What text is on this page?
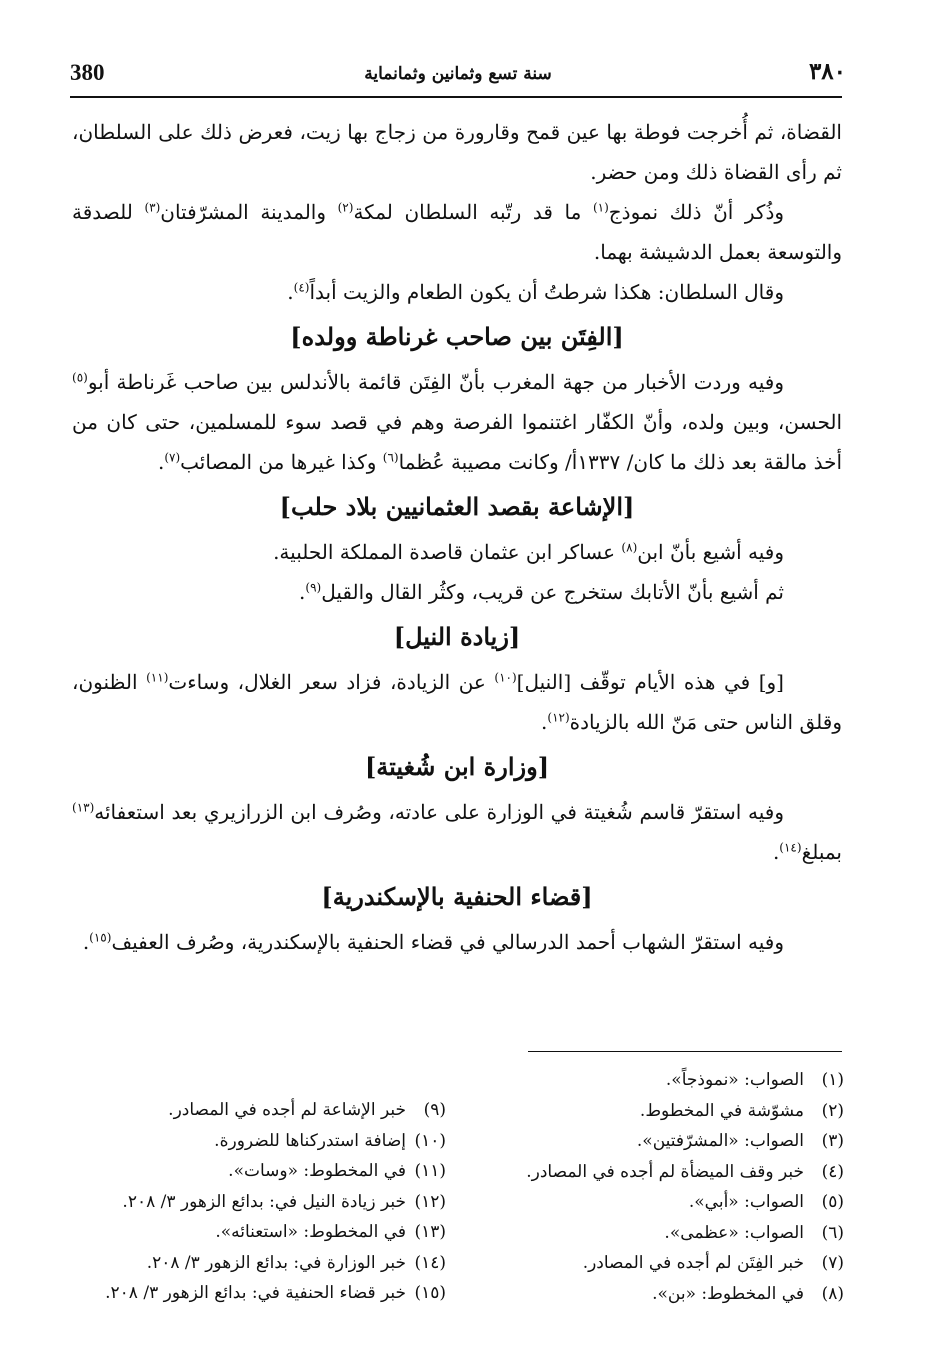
380	سنة تسع وثمانين وثمانماية	٣٨٠

القضاة، ثم أُخرجت فوطة بها عين قمح وقارورة من زجاج بها زيت، فعرض ذلك على السلطان، ثم رأى القضاة ذلك ومن حضر.

وذُكر أنّ ذلك نموذج$^{(١)}$ ما قد رتّبه السلطان لمكة$^{(٢)}$ والمدينة المشرّفتان$^{(٣)}$ للصدقة والتوسعة بعمل الدشيشة بهما.

وقال السلطان: هكذا شرطتُ أن يكون الطعام والزيت أبداً$^{(٤)}$.

[الفِتَن بين صاحب غرناطة وولده]

وفيه وردت الأخبار من جهة المغرب بأنّ الفِتَن قائمة بالأندلس بين صاحب غَرناطة أبو$^{(٥)}$ الحسن، وبين ولده، وأنّ الكفّار اغتنموا الفرصة وهم في قصد سوء للمسلمين، حتى كان من أخذ مالقة بعد ذلك ما كان/ ١٣٣٧أ/ وكانت مصيبة عُظما$^{(٦)}$ وكذا غيرها من المصائب$^{(٧)}$.

[الإشاعة بقصد العثمانيين بلاد حلب]

وفيه أشيع بأنّ ابن$^{(٨)}$ عساكر ابن عثمان قاصدة المملكة الحلبية.

ثم أشيع بأنّ الأتابك ستخرج عن قريب، وكثُر القال والقيل$^{(٩)}$.

[زيادة النيل]

[و] في هذه الأيام توقّف [النيل]$^{(١٠)}$ عن الزيادة، فزاد سعر الغلال، وساءت$^{(١١)}$ الظنون، وقلق الناس حتى مَنّ الله بالزيادة$^{(١٢)}$.

[وزارة ابن شُغيتة]

وفيه استقرّ قاسم شُغيتة في الوزارة على عادته، وصُرف ابن الزرازيري بعد استعفائه$^{(١٣)}$ بمبلغ$^{(١٤)}$.

[قضاء الحنفية بالإسكندرية]

وفيه استقرّ الشهاب أحمد الدرسالي في قضاء الحنفية بالإسكندرية، وصُرف العفيف$^{(١٥)}$.

(١)الصواب: «نموذجاً».
(٢)مشوّشة في المخطوط.
(٣)الصواب: «المشرّفتين».
(٤)خبر وقف الميضأة لم أجده في المصادر.
(٥)الصواب: «أبي».
(٦)الصواب: «عظمى».
(٧)خبر الفِتَن لم أجده في المصادر.
(٨)في المخطوط: «بن».
(٩)خبر الإشاعة لم أجده في المصادر.
(١٠)إضافة استدركناها للضرورة.
(١١)في المخطوط: «وسات».
(١٢)خبر زيادة النيل في: بدائع الزهور ٣/ ٢٠٨.
(١٣)في المخطوط: «استعنائه».
(١٤)خبر الوزارة في: بدائع الزهور ٣/ ٢٠٨.
(١٥)خبر قضاء الحنفية في: بدائع الزهور ٣/ ٢٠٨.
